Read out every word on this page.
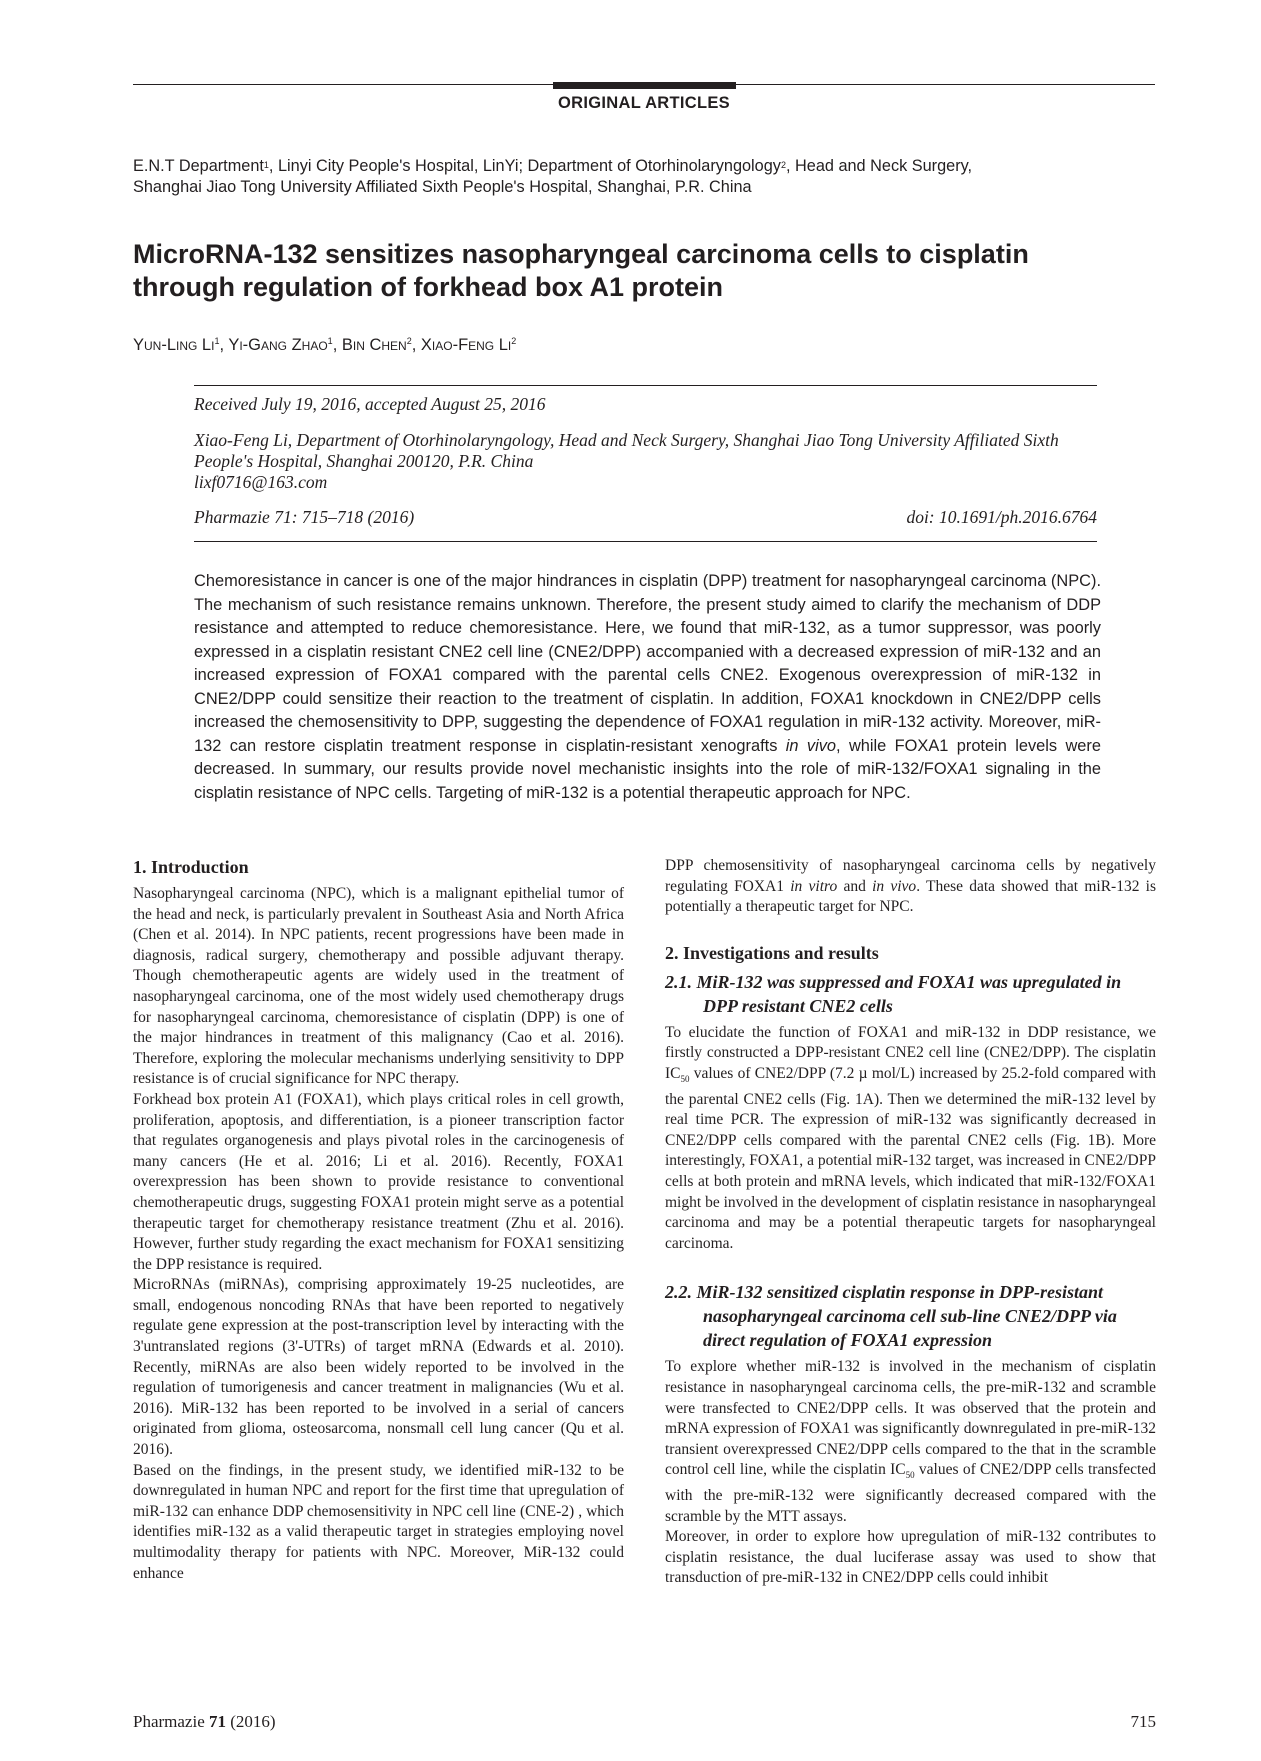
ORIGINAL ARTICLES
E.N.T Department$^1$, Linyi City People's Hospital, LinYi; Department of Otorhinolaryngology$^2$, Head and Neck Surgery,
Shanghai Jiao Tong University Affiliated Sixth People's Hospital, Shanghai, P.R. China
MicroRNA-132 sensitizes nasopharyngeal carcinoma cells to cisplatin
through regulation of forkhead box A1 protein
Yun-Ling Li$^1$, Yi-Gang Zhao$^1$, Bin Chen$^2$, Xiao-Feng Li$^2$
Received July 19, 2016, accepted August 25, 2016
Xiao-Feng Li, Department of Otorhinolaryngology, Head and Neck Surgery, Shanghai Jiao Tong University Affiliated Sixth People's Hospital, Shanghai 200120, P.R. China
lixf0716@163.com
Pharmazie 71: 715–718 (2016)	doi: 10.1691/ph.2016.6764
Chemoresistance in cancer is one of the major hindrances in cisplatin (DPP) treatment for nasopharyngeal carcinoma (NPC). The mechanism of such resistance remains unknown. Therefore, the present study aimed to clarify the mechanism of DDP resistance and attempted to reduce chemoresistance. Here, we found that miR-132, as a tumor suppressor, was poorly expressed in a cisplatin resistant CNE2 cell line (CNE2/DPP) accompanied with a decreased expression of miR-132 and an increased expression of FOXA1 compared with the parental cells CNE2. Exogenous overexpression of miR-132 in CNE2/DPP could sensitize their reaction to the treatment of cisplatin. In addition, FOXA1 knockdown in CNE2/DPP cells increased the chemosensitivity to DPP, suggesting the dependence of FOXA1 regulation in miR-132 activity. Moreover, miR-132 can restore cisplatin treatment response in cisplatin-resistant xenografts in vivo, while FOXA1 protein levels were decreased. In summary, our results provide novel mechanistic insights into the role of miR-132/FOXA1 signaling in the cisplatin resistance of NPC cells. Targeting of miR-132 is a potential therapeutic approach for NPC.

1. Introduction

Nasopharyngeal carcinoma (NPC), which is a malignant epithelial tumor of the head and neck, is particularly prevalent in Southeast Asia and North Africa (Chen et al. 2014). In NPC patients, recent progressions have been made in diagnosis, radical surgery, chemotherapy and possible adjuvant therapy. Though chemotherapeutic agents are widely used in the treatment of nasopharyngeal carcinoma, one of the most widely used chemotherapy drugs for nasopharyngeal carcinoma, chemoresistance of cisplatin (DPP) is one of the major hindrances in treatment of this malignancy (Cao et al. 2016). Therefore, exploring the molecular mechanisms underlying sensitivity to DPP resistance is of crucial significance for NPC therapy.

Forkhead box protein A1 (FOXA1), which plays critical roles in cell growth, proliferation, apoptosis, and differentiation, is a pioneer transcription factor that regulates organogenesis and plays pivotal roles in the carcinogenesis of many cancers (He et al. 2016; Li et al. 2016). Recently, FOXA1 overexpression has been shown to provide resistance to conventional chemotherapeutic drugs, suggesting FOXA1 protein might serve as a potential therapeutic target for chemotherapy resistance treatment (Zhu et al. 2016). However, further study regarding the exact mechanism for FOXA1 sensitizing the DPP resistance is required.

MicroRNAs (miRNAs), comprising approximately 19-25 nucleotides, are small, endogenous noncoding RNAs that have been reported to negatively regulate gene expression at the post-transcription level by interacting with the 3'untranslated regions (3'-UTRs) of target mRNA (Edwards et al. 2010). Recently, miRNAs are also been widely reported to be involved in the regulation of tumorigenesis and cancer treatment in malignancies (Wu et al. 2016). MiR-132 has been reported to be involved in a serial of cancers originated from glioma, osteosarcoma, nonsmall cell lung cancer (Qu et al. 2016).

Based on the findings, in the present study, we identified miR-132 to be downregulated in human NPC and report for the first time that upregulation of miR-132 can enhance DDP chemosensitivity in NPC cell line (CNE-2) , which identifies miR-132 as a valid therapeutic target in strategies employing novel multimodality therapy for patients with NPC. Moreover, MiR-132 could enhance

DPP chemosensitivity of nasopharyngeal carcinoma cells by negatively regulating FOXA1 in vitro and in vivo. These data showed that miR-132 is potentially a therapeutic target for NPC.

2. Investigations and results

2.1. MiR-132 was suppressed and FOXA1 was upregulated in DPP resistant CNE2 cells

To elucidate the function of FOXA1 and miR-132 in DDP resistance, we firstly constructed a DPP-resistant CNE2 cell line (CNE2/DPP). The cisplatin $IC_{50}$ values of CNE2/DPP (7.2 µ mol/L) increased by 25.2-fold compared with the parental CNE2 cells (Fig. 1A). Then we determined the miR-132 level by real time PCR. The expression of miR-132 was significantly decreased in CNE2/DPP cells compared with the parental CNE2 cells (Fig. 1B). More interestingly, FOXA1, a potential miR-132 target, was increased in CNE2/DPP cells at both protein and mRNA levels, which indicated that miR-132/FOXA1 might be involved in the development of cisplatin resistance in nasopharyngeal carcinoma and may be a potential therapeutic targets for nasopharyngeal carcinoma.

2.2. MiR-132 sensitized cisplatin response in DPP-resistant nasopharyngeal carcinoma cell sub-line CNE2/DPP via direct regulation of FOXA1 expression

To explore whether miR-132 is involved in the mechanism of cisplatin resistance in nasopharyngeal carcinoma cells, the pre-miR-132 and scramble were transfected to CNE2/DPP cells. It was observed that the protein and mRNA expression of FOXA1 was significantly downregulated in pre-miR-132 transient overexpressed CNE2/DPP cells compared to the that in the scramble control cell line, while the cisplatin $IC_{50}$ values of CNE2/DPP cells transfected with the pre-miR-132 were significantly decreased compared with the scramble by the MTT assays.

Moreover, in order to explore how upregulation of miR-132 contributes to cisplatin resistance, the dual luciferase assay was used to show that transduction of pre-miR-132 in CNE2/DPP cells could inhibit

Pharmazie 71 (2016)	715
